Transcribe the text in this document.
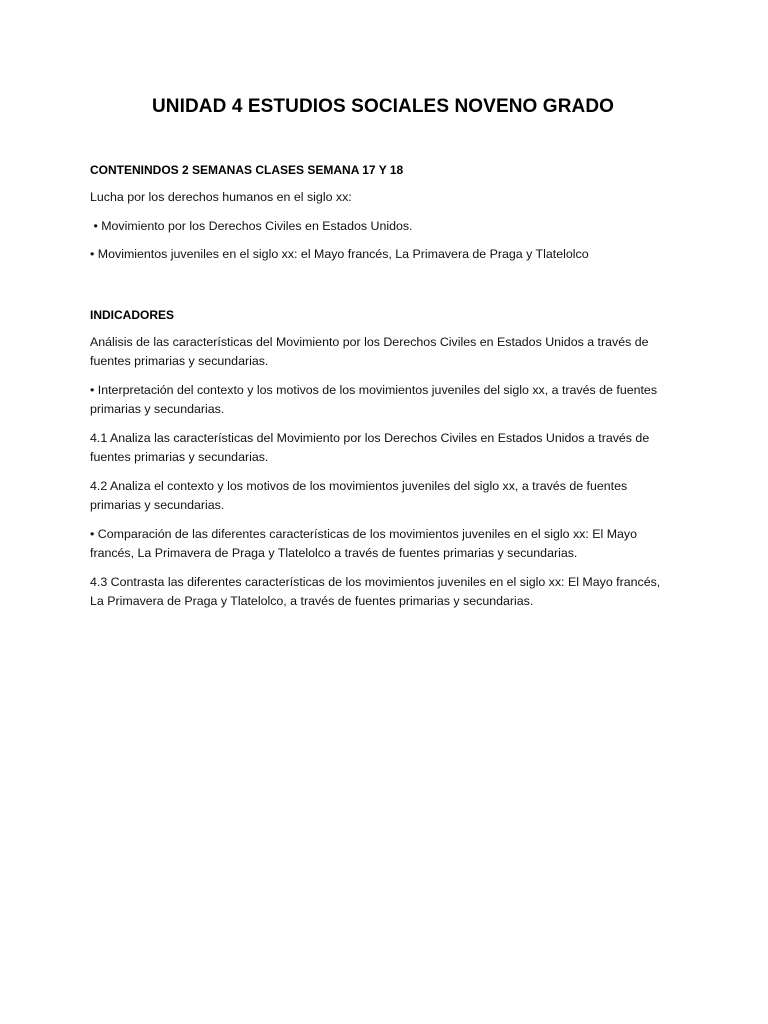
UNIDAD 4 ESTUDIOS SOCIALES NOVENO GRADO

CONTENINDOS 2 SEMANAS CLASES SEMANA 17 Y 18

Lucha por los derechos humanos en el siglo xx:

• Movimiento por los Derechos Civiles en Estados Unidos.

• Movimientos juveniles en el siglo xx: el Mayo francés, La Primavera de Praga y Tlatelolco

INDICADORES

Análisis de las características del Movimiento por los Derechos Civiles en Estados Unidos a través de fuentes primarias y secundarias.

• Interpretación del contexto y los motivos de los movimientos juveniles del siglo xx, a través de fuentes primarias y secundarias.

4.1 Analiza las características del Movimiento por los Derechos Civiles en Estados Unidos a través de fuentes primarias y secundarias.

4.2 Analiza el contexto y los motivos de los movimientos juveniles del siglo xx, a través de fuentes primarias y secundarias.

• Comparación de las diferentes características de los movimientos juveniles en el siglo xx: El Mayo francés, La Primavera de Praga y Tlatelolco a través de fuentes primarias y secundarias.

4.3 Contrasta las diferentes características de los movimientos juveniles en el siglo xx: El Mayo francés, La Primavera de Praga y Tlatelolco, a través de fuentes primarias y secundarias.
